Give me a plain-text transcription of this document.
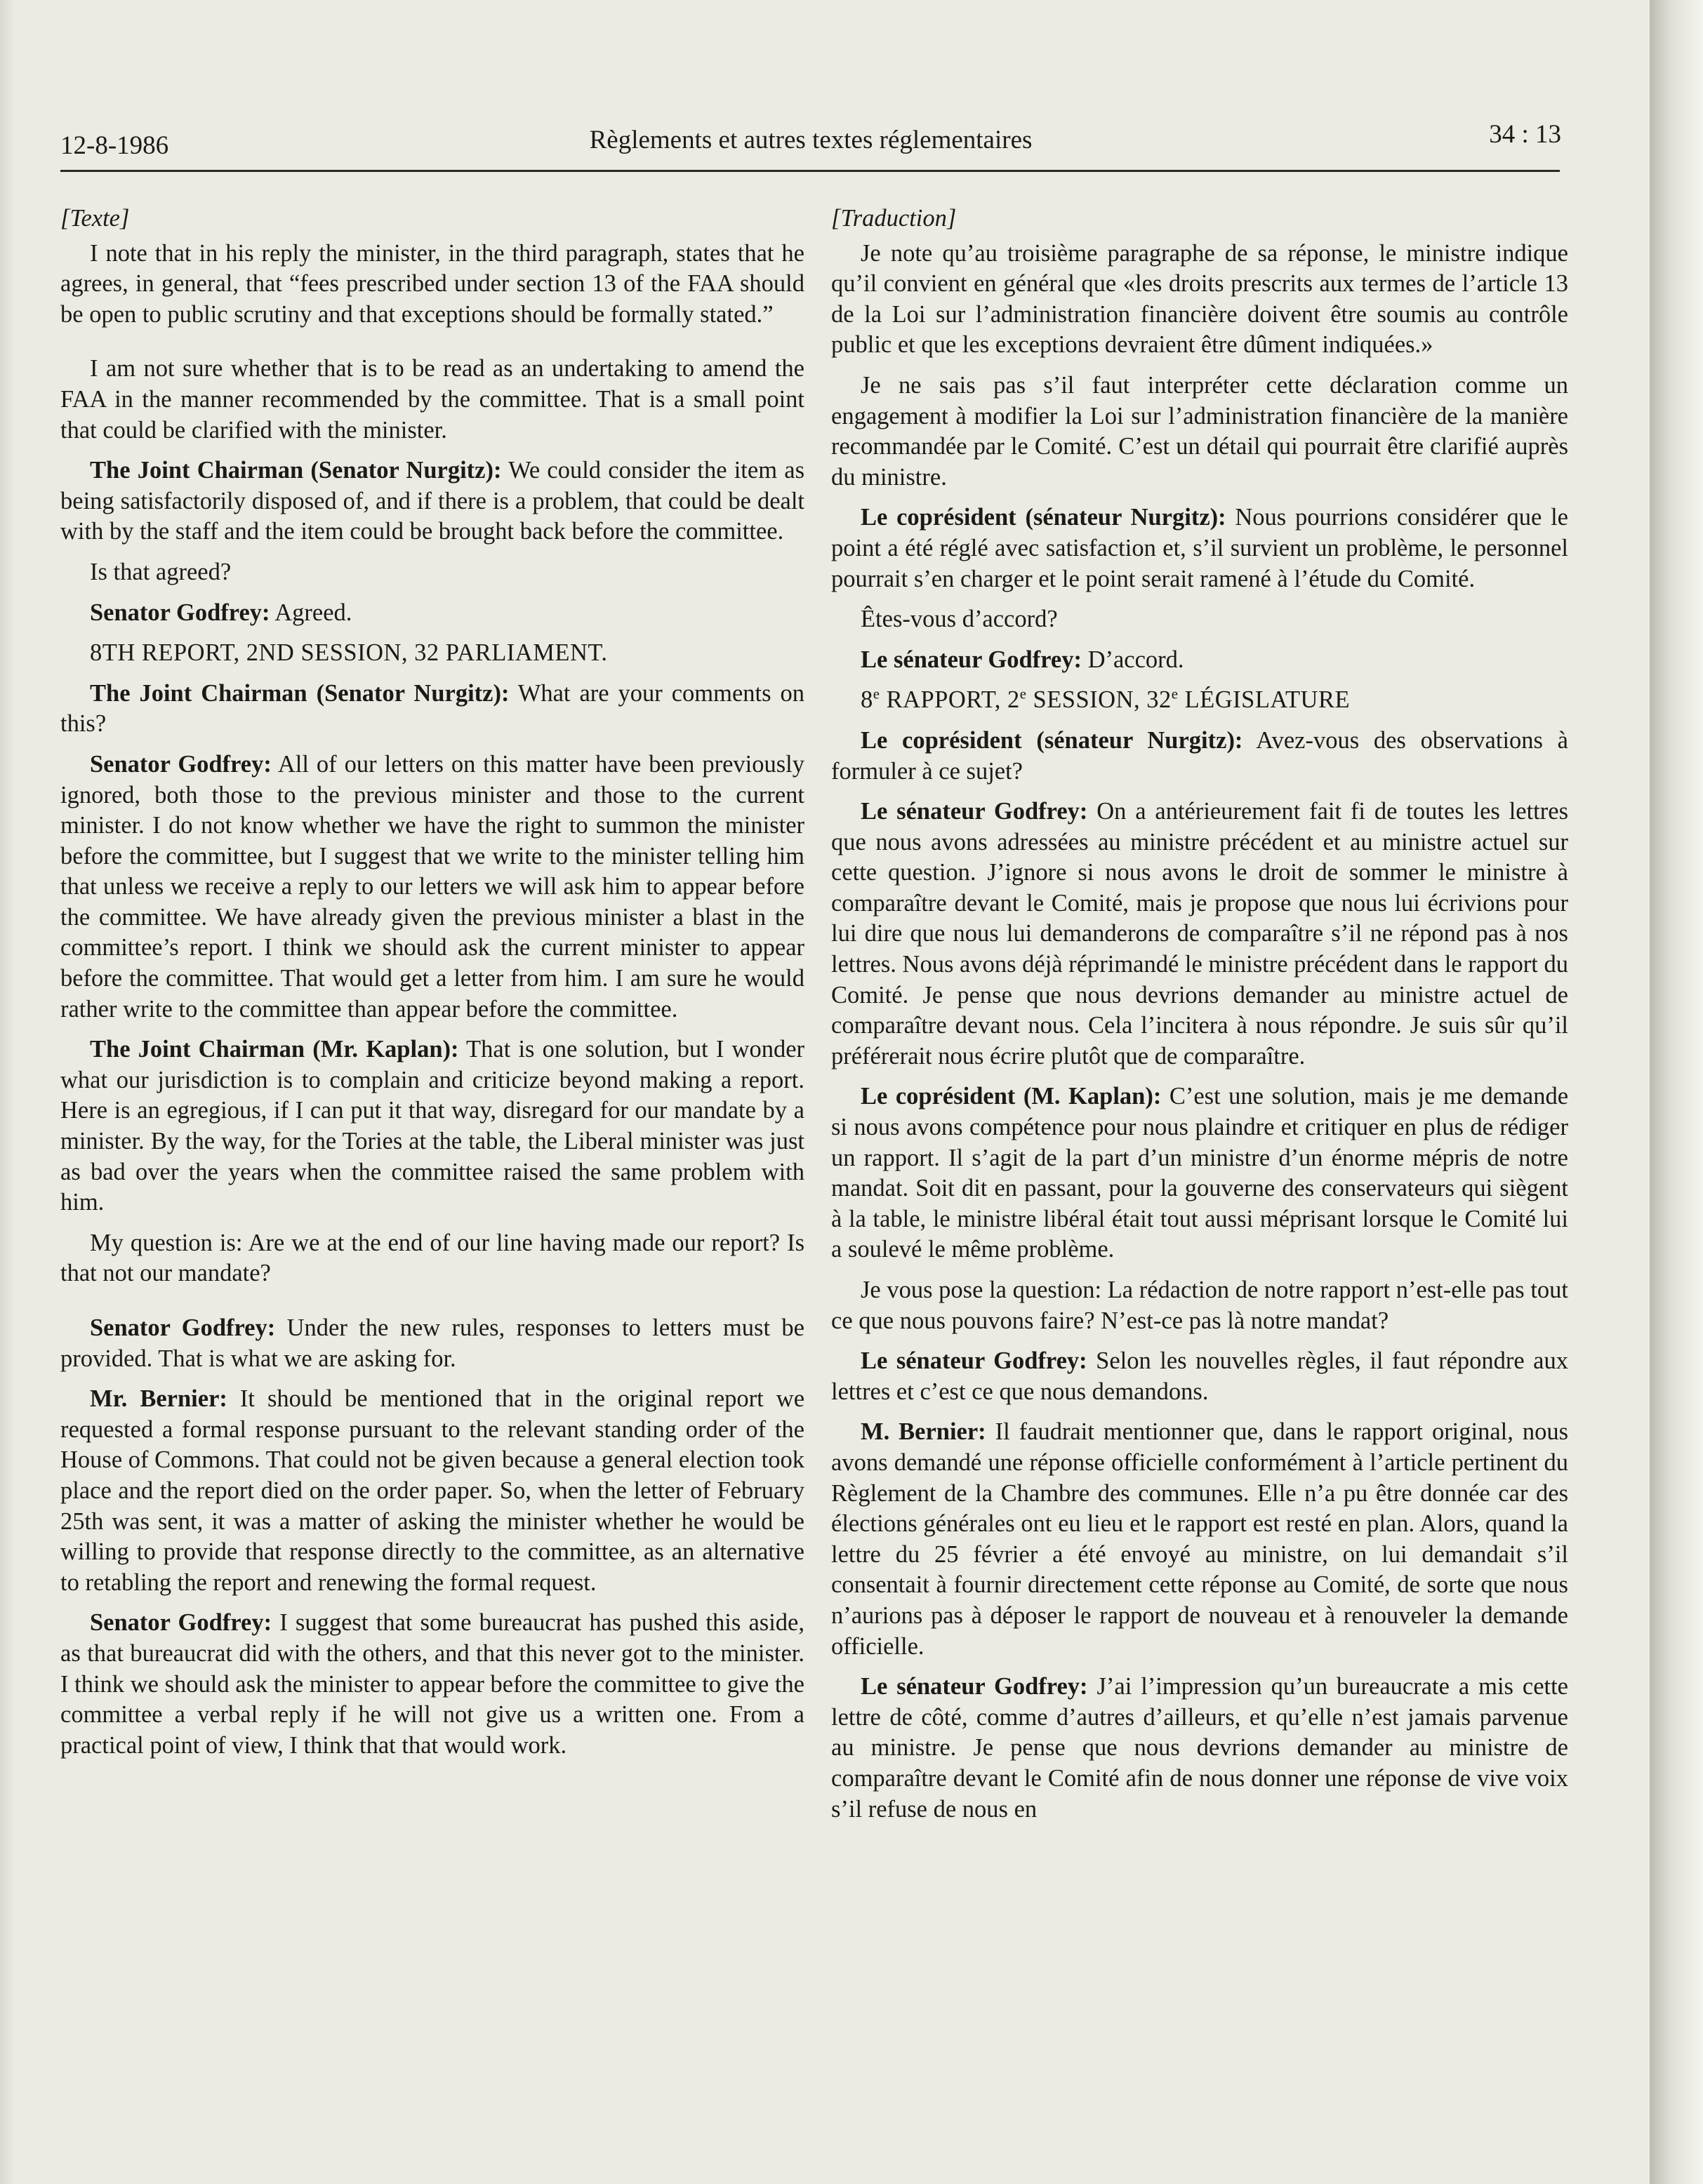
12-8-1986	Règlements et autres textes réglementaires	34 : 13

[Texte]

I note that in his reply the minister, in the third paragraph, states that he agrees, in general, that “fees prescribed under section 13 of the FAA should be open to public scrutiny and that exceptions should be formally stated.”

I am not sure whether that is to be read as an undertaking to amend the FAA in the manner recommended by the committee. That is a small point that could be clarified with the minister.

The Joint Chairman (Senator Nurgitz): We could consider the item as being satisfactorily disposed of, and if there is a problem, that could be dealt with by the staff and the item could be brought back before the committee.

Is that agreed?

Senator Godfrey: Agreed.

8TH REPORT, 2ND SESSION, 32 PARLIAMENT.

The Joint Chairman (Senator Nurgitz): What are your comments on this?

Senator Godfrey: All of our letters on this matter have been previously ignored, both those to the previous minister and those to the current minister. I do not know whether we have the right to summon the minister before the committee, but I suggest that we write to the minister telling him that unless we receive a reply to our letters we will ask him to appear before the committee. We have already given the previous minister a blast in the committee’s report. I think we should ask the current minister to appear before the committee. That would get a letter from him. I am sure he would rather write to the committee than appear before the committee.

The Joint Chairman (Mr. Kaplan): That is one solution, but I wonder what our jurisdiction is to complain and criticize beyond making a report. Here is an egregious, if I can put it that way, disregard for our mandate by a minister. By the way, for the Tories at the table, the Liberal minister was just as bad over the years when the committee raised the same problem with him.

My question is: Are we at the end of our line having made our report? Is that not our mandate?

Senator Godfrey: Under the new rules, responses to letters must be provided. That is what we are asking for.

Mr. Bernier: It should be mentioned that in the original report we requested a formal response pursuant to the relevant standing order of the House of Commons. That could not be given because a general election took place and the report died on the order paper. So, when the letter of February 25th was sent, it was a matter of asking the minister whether he would be willing to provide that response directly to the committee, as an alternative to retabling the report and renewing the formal request.

Senator Godfrey: I suggest that some bureaucrat has pushed this aside, as that bureaucrat did with the others, and that this never got to the minister. I think we should ask the minister to appear before the committee to give the committee a verbal reply if he will not give us a written one. From a practical point of view, I think that that would work.

[Traduction]

Je note qu’au troisième paragraphe de sa réponse, le ministre indique qu’il convient en général que «les droits prescrits aux termes de l’article 13 de la Loi sur l’administration financière doivent être soumis au contrôle public et que les exceptions devraient être dûment indiquées.»

Je ne sais pas s’il faut interpréter cette déclaration comme un engagement à modifier la Loi sur l’administration financière de la manière recommandée par le Comité. C’est un détail qui pourrait être clarifié auprès du ministre.

Le coprésident (sénateur Nurgitz): Nous pourrions considérer que le point a été réglé avec satisfaction et, s’il survient un problème, le personnel pourrait s’en charger et le point serait ramené à l’étude du Comité.

Êtes-vous d’accord?

Le sénateur Godfrey: D’accord.

8e RAPPORT, 2e SESSION, 32e LÉGISLATURE

Le coprésident (sénateur Nurgitz): Avez-vous des observations à formuler à ce sujet?

Le sénateur Godfrey: On a antérieurement fait fi de toutes les lettres que nous avons adressées au ministre précédent et au ministre actuel sur cette question. J’ignore si nous avons le droit de sommer le ministre à comparaître devant le Comité, mais je propose que nous lui écrivions pour lui dire que nous lui demanderons de comparaître s’il ne répond pas à nos lettres. Nous avons déjà réprimandé le ministre précédent dans le rapport du Comité. Je pense que nous devrions demander au ministre actuel de comparaître devant nous. Cela l’incitera à nous répondre. Je suis sûr qu’il préférerait nous écrire plutôt que de comparaître.

Le coprésident (M. Kaplan): C’est une solution, mais je me demande si nous avons compétence pour nous plaindre et critiquer en plus de rédiger un rapport. Il s’agit de la part d’un ministre d’un énorme mépris de notre mandat. Soit dit en passant, pour la gouverne des conservateurs qui siègent à la table, le ministre libéral était tout aussi méprisant lorsque le Comité lui a soulevé le même problème.

Je vous pose la question: La rédaction de notre rapport n’est-elle pas tout ce que nous pouvons faire? N’est-ce pas là notre mandat?

Le sénateur Godfrey: Selon les nouvelles règles, il faut répondre aux lettres et c’est ce que nous demandons.

M. Bernier: Il faudrait mentionner que, dans le rapport original, nous avons demandé une réponse officielle conformément à l’article pertinent du Règlement de la Chambre des communes. Elle n’a pu être donnée car des élections générales ont eu lieu et le rapport est resté en plan. Alors, quand la lettre du 25 février a été envoyé au ministre, on lui demandait s’il consentait à fournir directement cette réponse au Comité, de sorte que nous n’aurions pas à déposer le rapport de nouveau et à renouveler la demande officielle.

Le sénateur Godfrey: J’ai l’impression qu’un bureaucrate a mis cette lettre de côté, comme d’autres d’ailleurs, et qu’elle n’est jamais parvenue au ministre. Je pense que nous devrions demander au ministre de comparaître devant le Comité afin de nous donner une réponse de vive voix s’il refuse de nous en
